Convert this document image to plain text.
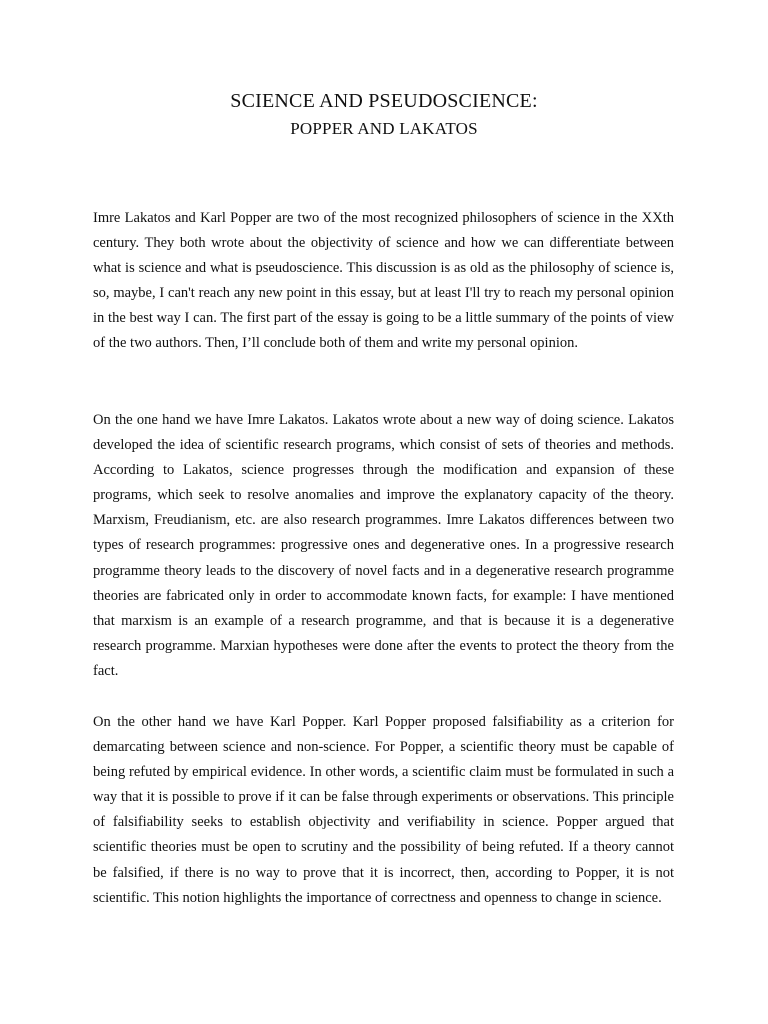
SCIENCE AND PSEUDOSCIENCE:
POPPER AND LAKATOS

Imre Lakatos and Karl Popper are two of the most recognized philosophers of science in the XXth century. They both wrote about the objectivity of science and how we can differentiate between what is science and what is pseudoscience. This discussion is as old as the philosophy of science is, so, maybe, I can't reach any new point in this essay, but at least I'll try to reach my personal opinion in the best way I can. The first part of the essay is going to be a little summary of the points of view of the two authors. Then, I’ll conclude both of them and write my personal opinion.

On the one hand we have Imre Lakatos. Lakatos wrote about a new way of doing science. Lakatos developed the idea of scientific research programs, which consist of sets of theories and methods. According to Lakatos, science progresses through the modification and expansion of these programs, which seek to resolve anomalies and improve the explanatory capacity of the theory. Marxism, Freudianism, etc. are also research programmes. Imre Lakatos differences between two types of research programmes: progressive ones and degenerative ones. In a progressive research programme theory leads to the discovery of novel facts and in a degenerative research programme theories are fabricated only in order to accommodate known facts, for example: I have mentioned that marxism is an example of a research programme, and that is because it is a degenerative research programme. Marxian hypotheses were done after the events to protect the theory from the fact.

On the other hand we have Karl Popper. Karl Popper proposed falsifiability as a criterion for demarcating between science and non-science. For Popper, a scientific theory must be capable of being refuted by empirical evidence. In other words, a scientific claim must be formulated in such a way that it is possible to prove if it can be false through experiments or observations. This principle of falsifiability seeks to establish objectivity and verifiability in science. Popper argued that scientific theories must be open to scrutiny and the possibility of being refuted. If a theory cannot be falsified, if there is no way to prove that it is incorrect, then, according to Popper, it is not scientific. This notion highlights the importance of correctness and openness to change in science.
